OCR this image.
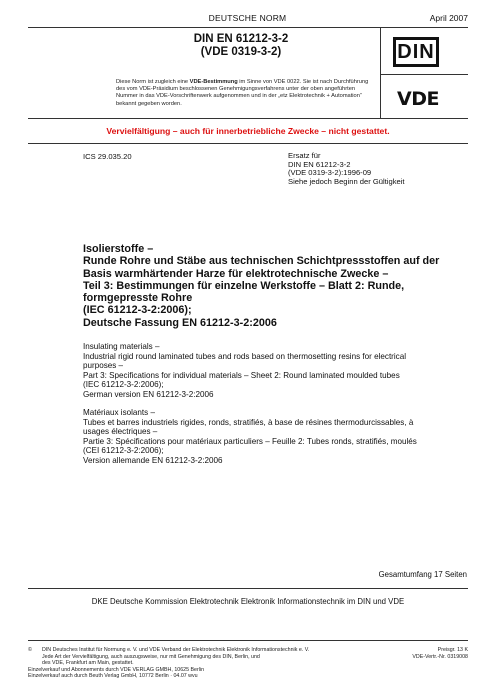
DEUTSCHE NORM	April 2007
DIN EN 61212-3-2
(VDE 0319-3-2)	DIN
VDE
Diese Norm ist zugleich eine VDE-Bestimmung im Sinne von VDE 0022. Sie ist nach Durchführung des vom VDE-Präsidium beschlossenen Genehmigungsverfahrens unter der oben angeführten Nummer in das VDE-Vorschriftenwerk aufgenommen und in der „etz Elektrotechnik + Automation“ bekannt gegeben worden.
Vervielfältigung – auch für innerbetriebliche Zwecke – nicht gestattet.
ICS 29.035.20	Ersatz für
DIN EN 61212-3-2
(VDE 0319-3-2):1996-09
Siehe jedoch Beginn der Gültigkeit
Isolierstoffe –
Runde Rohre und Stäbe aus technischen Schichtpressstoffen auf der
Basis warmhärtender Harze für elektrotechnische Zwecke –
Teil 3: Bestimmungen für einzelne Werkstoffe – Blatt 2: Runde,
formgepresste Rohre
(IEC 61212-3-2:2006);
Deutsche Fassung EN 61212-3-2:2006
Insulating materials –
Industrial rigid round laminated tubes and rods based on thermosetting resins for electrical
purposes –
Part 3: Specifications for individual materials – Sheet 2: Round laminated moulded tubes
(IEC 61212-3-2:2006);
German version EN 61212-3-2:2006
Matériaux isolants –
Tubes et barres industriels rigides, ronds, stratifiés, à base de résines thermodurcissables, à
usages électriques –
Partie 3: Spécifications pour matériaux particuliers – Feuille 2: Tubes ronds, stratifiés, moulés
(CEI 61212-3-2:2006);
Version allemande EN 61212-3-2:2006
Gesamtumfang 17 Seiten
DKE Deutsche Kommission Elektrotechnik Elektronik Informationstechnik im DIN und VDE
© DIN Deutsches Institut für Normung e. V. und VDE Verband der Elektrotechnik Elektronik Informationstechnik e. V.
Jede Art der Vervielfältigung, auch auszugsweise, nur mit Genehmigung des DIN, Berlin, und
des VDE, Frankfurt am Main, gestattet.
Einzelverkauf und Abonnements durch VDE VERLAG GMBH, 10625 Berlin
Einzelverkauf auch durch Beuth Verlag GmbH, 10772 Berlin · 04.07 wvu
Preisgr. 13 K
VDE-Vertr.-Nr. 0319008
